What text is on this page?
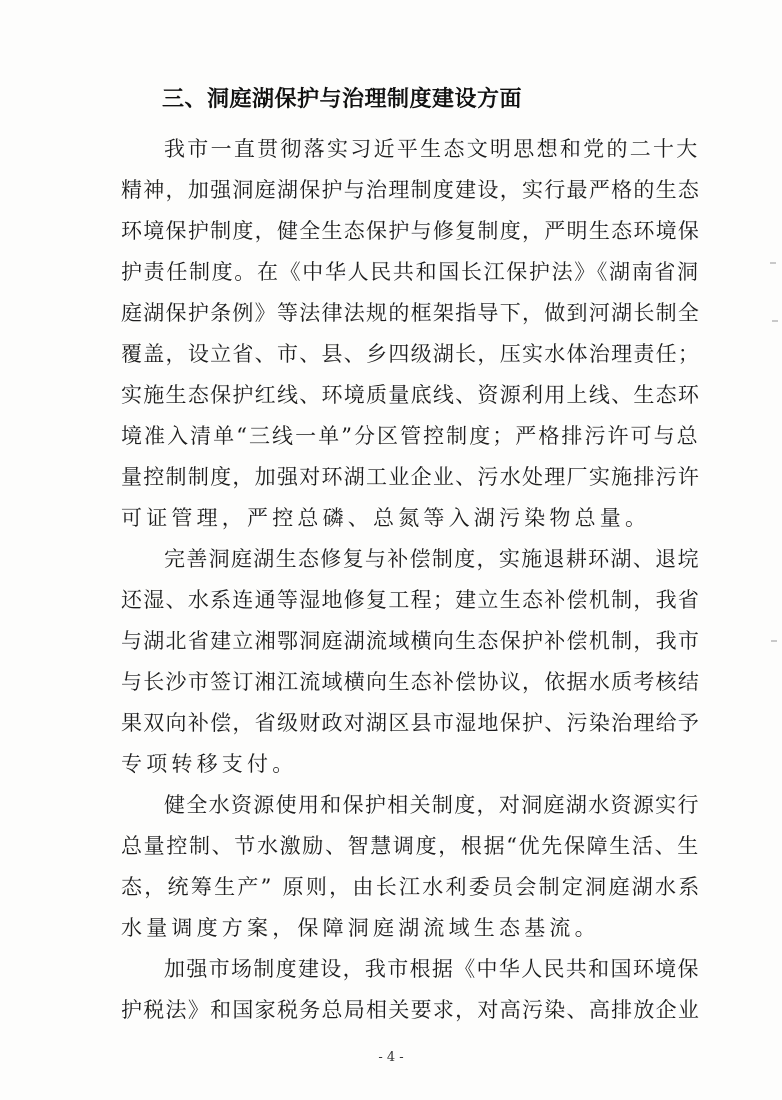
三、洞庭湖保护与治理制度建设方面
我市一直贯彻落实习近平生态文明思想和党的二十大
精神，加强洞庭湖保护与治理制度建设，实行最严格的生态
环境保护制度，健全生态保护与修复制度，严明生态环境保
护责任制度。在《中华人民共和国长江保护法》《湖南省洞
庭湖保护条例》等法律法规的框架指导下，做到河湖长制全
覆盖，设立省、市、县、乡四级湖长，压实水体治理责任；
实施生态保护红线、环境质量底线、资源利用上线、生态环
境准入清单“三线一单”分区管控制度；严格排污许可与总
量控制制度，加强对环湖工业企业、污水处理厂实施排污许
可证管理，严控总磷、总氮等入湖污染物总量。
完善洞庭湖生态修复与补偿制度，实施退耕环湖、退垸
还湿、水系连通等湿地修复工程；建立生态补偿机制，我省
与湖北省建立湘鄂洞庭湖流域横向生态保护补偿机制，我市
与长沙市签订湘江流域横向生态补偿协议，依据水质考核结
果双向补偿，省级财政对湖区县市湿地保护、污染治理给予
专项转移支付。
健全水资源使用和保护相关制度，对洞庭湖水资源实行
总量控制、节水激励、智慧调度，根据“优先保障生活、生
态，统筹生产” 原则，由长江水利委员会制定洞庭湖水系
水量调度方案，保障洞庭湖流域生态基流。
加强市场制度建设，我市根据《中华人民共和国环境保
护税法》和国家税务总局相关要求，对高污染、高排放企业
- 4 -
